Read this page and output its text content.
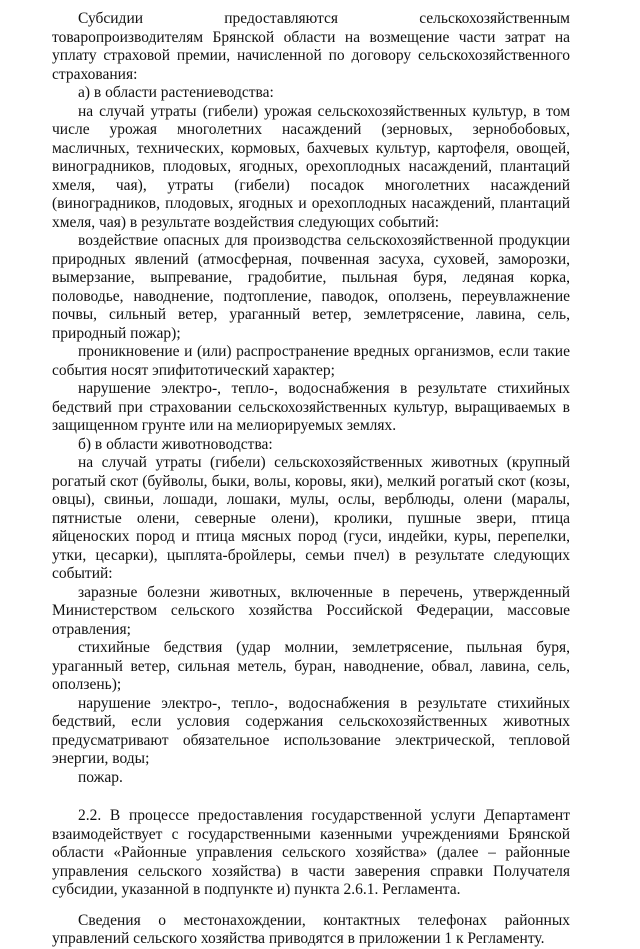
Субсидии предоставляются сельскохозяйственным товаропроизводителям Брянской области на возмещение части затрат на уплату страховой премии, начисленной по договору сельскохозяйственного страхования:

а) в области растениеводства:

на случай утраты (гибели) урожая сельскохозяйственных культур, в том числе урожая многолетних насаждений (зерновых, зернобобовых, масличных, технических, кормовых, бахчевых культур, картофеля, овощей, виноградников, плодовых, ягодных, орехоплодных насаждений, плантаций хмеля, чая), утраты (гибели) посадок многолетних насаждений (виноградников, плодовых, ягодных и орехоплодных насаждений, плантаций хмеля, чая) в результате воздействия следующих событий:

воздействие опасных для производства сельскохозяйственной продукции природных явлений (атмосферная, почвенная засуха, суховей, заморозки, вымерзание, выпревание, градобитие, пыльная буря, ледяная корка, половодье, наводнение, подтопление, паводок, оползень, переувлажнение почвы, сильный ветер, ураганный ветер, землетрясение, лавина, сель, природный пожар);

проникновение и (или) распространение вредных организмов, если такие события носят эпифитотический характер;

нарушение электро-, тепло-, водоснабжения в результате стихийных бедствий при страховании сельскохозяйственных культур, выращиваемых в защищенном грунте или на мелиорируемых землях.

б) в области животноводства:

на случай утраты (гибели) сельскохозяйственных животных (крупный рогатый скот (буйволы, быки, волы, коровы, яки), мелкий рогатый скот (козы, овцы), свиньи, лошади, лошаки, мулы, ослы, верблюды, олени (маралы, пятнистые олени, северные олени), кролики, пушные звери, птица яйценоских пород и птица мясных пород (гуси, индейки, куры, перепелки, утки, цесарки), цыплята-бройлеры, семьи пчел) в результате следующих событий:

заразные болезни животных, включенные в перечень, утвержденный Министерством сельского хозяйства Российской Федерации, массовые отравления;

стихийные бедствия (удар молнии, землетрясение, пыльная буря, ураганный ветер, сильная метель, буран, наводнение, обвал, лавина, сель, оползень);

нарушение электро-, тепло-, водоснабжения в результате стихийных бедствий, если условия содержания сельскохозяйственных животных предусматривают обязательное использование электрической, тепловой энергии, воды;

пожар.

2.2. В процессе предоставления государственной услуги Департамент взаимодействует с государственными казенными учреждениями Брянской области «Районные управления сельского хозяйства» (далее – районные управления сельского хозяйства) в части заверения справки Получателя субсидии, указанной в подпункте и) пункта 2.6.1. Регламента.

Сведения о местонахождении, контактных телефонах районных управлений сельского хозяйства приводятся в приложении 1 к Регламенту.
